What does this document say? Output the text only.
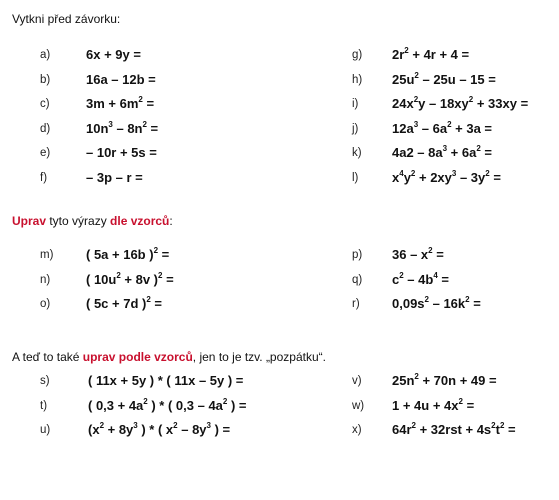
Vytkni před závorku:
a)	6x + 9y =
b)	16a – 12b =
c)	$3m + 6m^2$ =
d)	$10n^3 - 8n^2$ =
e)	– 10r + 5s =
f)	– 3p – r =
g) $2r^2 + 4r + 4$ =
h) $25u^2 - 25u - 15$ =
i)	$24x^2y - 18xy^2 + 33xy$ =
j)	$12a^3 - 6a^2 + 3a$ =
k) $4a2 - 8a^3 + 6a^2$ =
l)	$x^4y^2 + 2xy^3 - 3y^2$ =
Uprav tyto výrazy dle vzorců:
m)	( 5a + 16b )$^2$ =
n)	( $10u^2 + 8v$ )$^2$ =
o)	( 5c + 7d )$^2$ =
p) $36 - x^2$ =
q) $c^2 - 4b^4$ =
r) $0,09s^2 - 16k^2$ =
A teď to také uprav podle vzorců, jen to je tzv. „pozpátku“.
s)	( 11x + 5y ) * ( 11x – 5y ) =
t)	( $0,3 + 4a^2$ ) * ( $0,3 - 4a^2$ ) =
u)	($x^2 + 8y^3$ ) * ( $x^2 - 8y^3$ ) =
v) $25n^2 + 70n + 49$ =
w) $1 + 4u + 4x^2$ =
x) $64r^2 + 32rst + 4s^2t^2$ =
